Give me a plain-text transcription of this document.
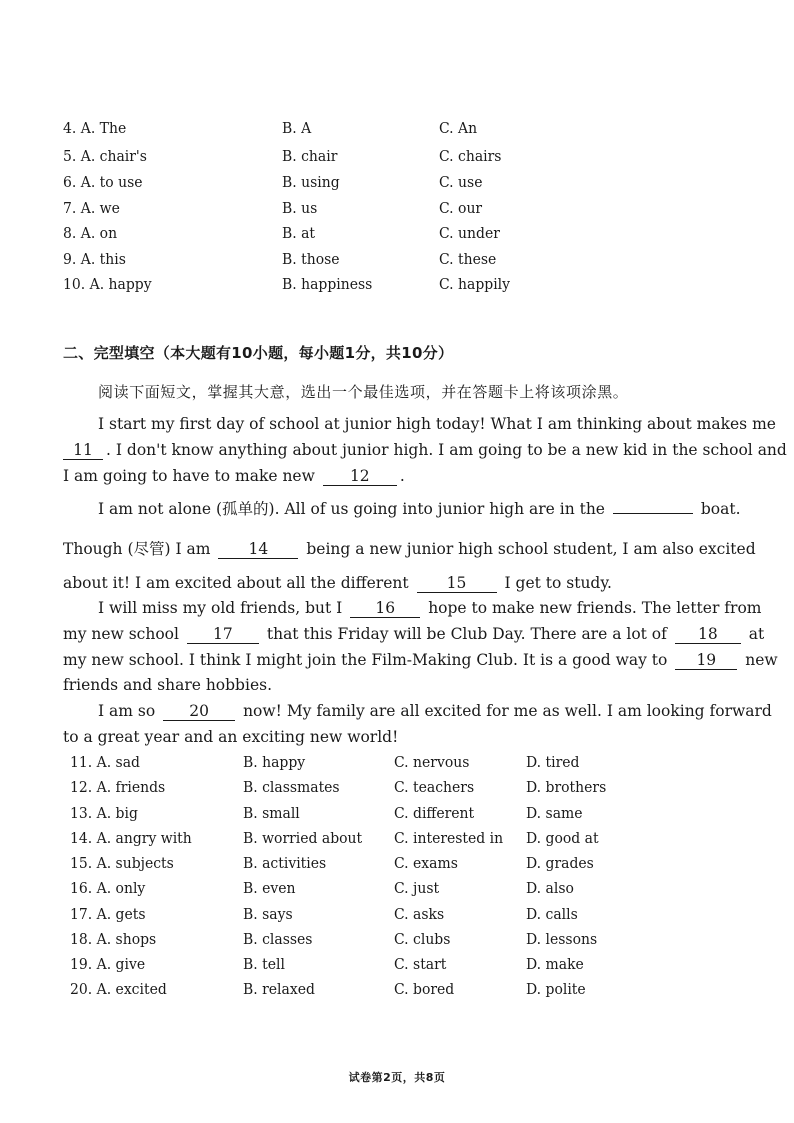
4. A. The	B. A	C. An
5. A. chair's	B. chair	C. chairs
6. A. to use	B. using	C. use
7. A. we	B. us	C. our
8. A. on	B. at	C. under
9. A. this	B. those	C. these
10. A. happy	B. happiness	C. happily
二、完型填空（本大题有10小题，每小题1分，共10分）
阅读下面短文，掌握其大意，选出一个最佳选项，并在答题卡上将该项涂黑。
I start my first day of school at junior high today! What I am thinking about makes me
11 . I don't know anything about junior high. I am going to be a new kid in the school and
I am going to have to make new 12 .
I am not alone (孤单的). All of us going into junior high are in the	boat.
Though (尽管) I am 14 being a new junior high school student, I am also excited
about it! I am excited about all the different 15 I get to study.
I will miss my old friends, but I 16 hope to make new friends. The letter from
my new school 17 that this Friday will be Club Day. There are a lot of 18 at
my new school. I think I might join the Film-Making Club. It is a good way to 19 new
friends and share hobbies.
I am so 20 now! My family are all excited for me as well. I am looking forward
to a great year and an exciting new world!
11. A. sad	B. happy	C. nervous	D. tired
12. A. friends	B. classmates	C. teachers	D. brothers
13. A. big	B. small	C. different	D. same
14. A. angry with	B. worried about C. interested in D. good at
15. A. subjects	B. activities	C. exams	D. grades
16. A. only	B. even	C. just	D. also
17. A. gets	B. says	C. asks	D. calls
18. A. shops	B. classes	C. clubs	D. lessons
19. A. give	B. tell	C. start	D. make
20. A. excited	B. relaxed	C. bored	D. polite
试卷第2页，共8页
